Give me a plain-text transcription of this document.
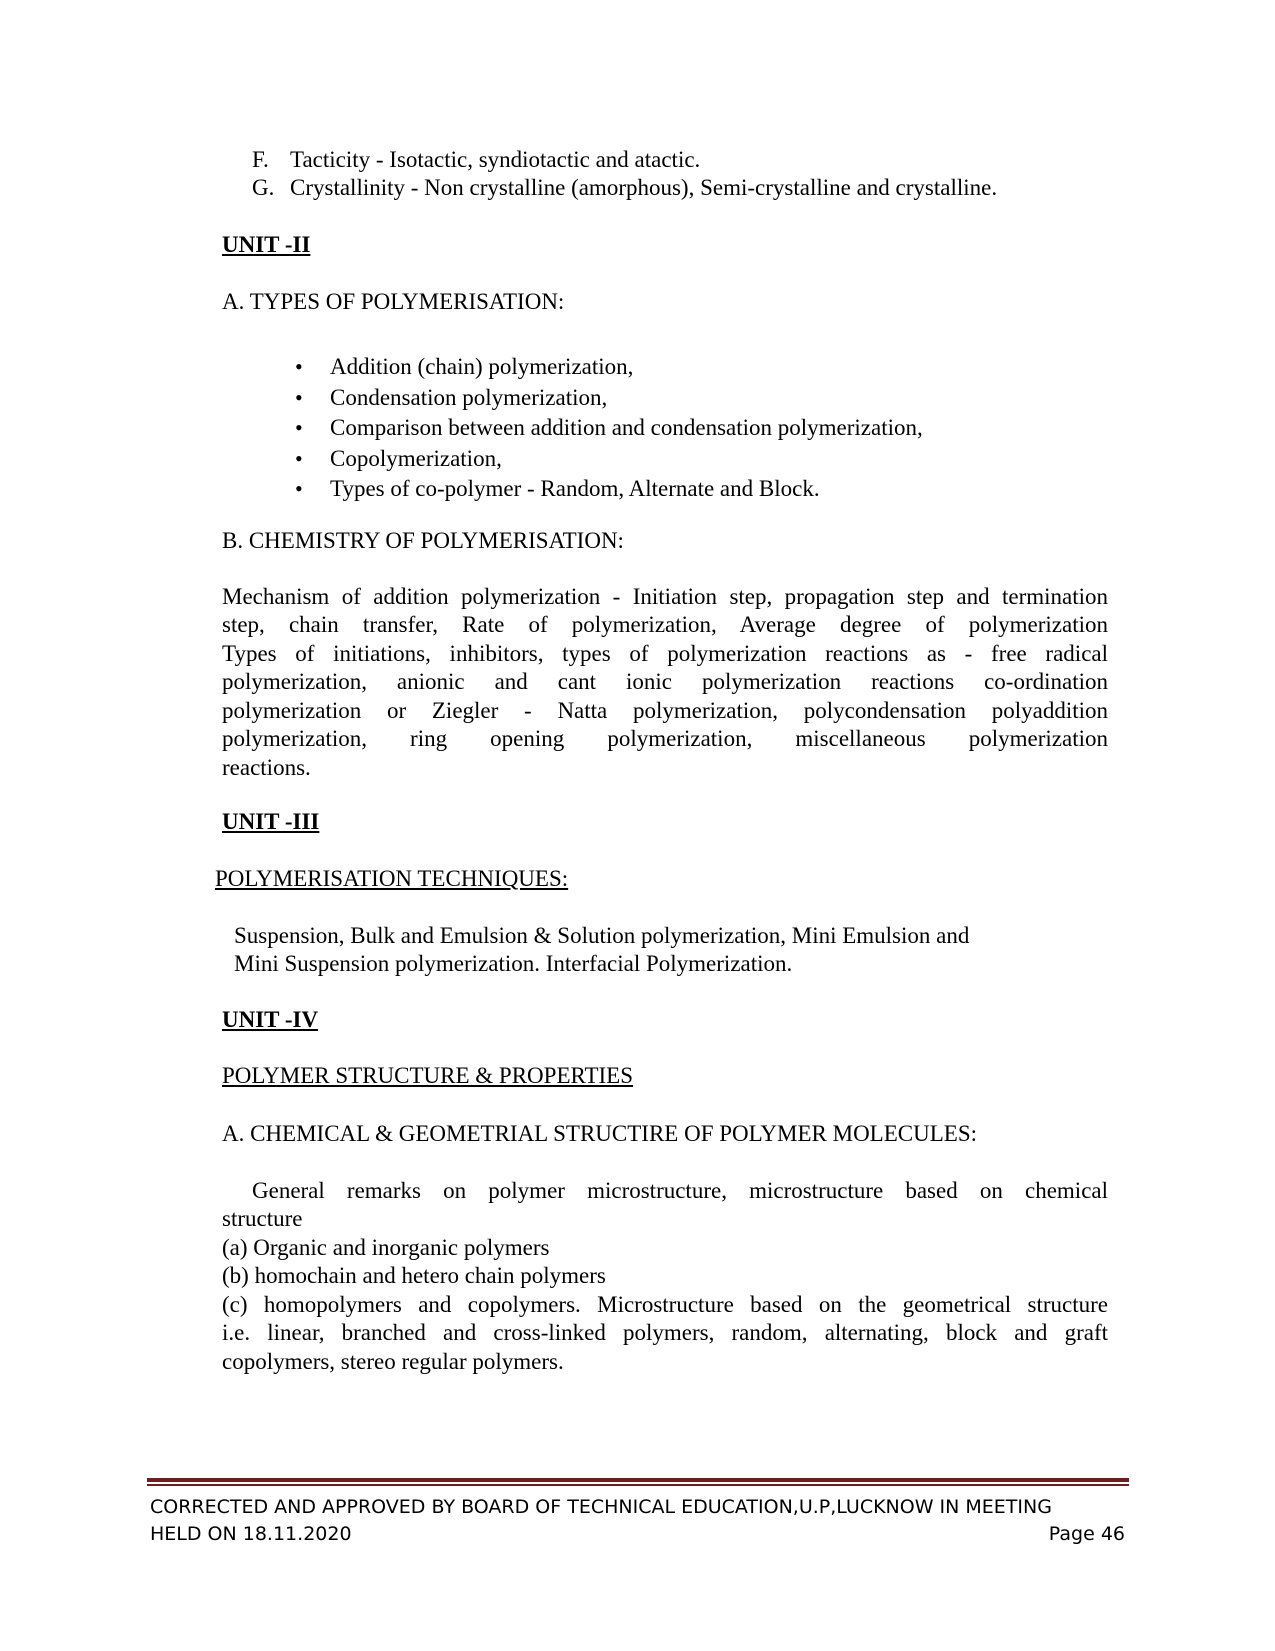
F. Tacticity - Isotactic, syndiotactic and atactic.
G. Crystallinity - Non crystalline (amorphous), Semi-crystalline and crystalline.
UNIT -II
A. TYPES OF POLYMERISATION:
• Addition (chain) polymerization,
• Condensation polymerization,
• Comparison between addition and condensation polymerization,
• Copolymerization,
• Types of co-polymer - Random, Alternate and Block.
B. CHEMISTRY OF POLYMERISATION:
Mechanism of addition polymerization - Initiation step, propagation step and termination
step, chain transfer, Rate of polymerization, Average degree of polymerization
Types of initiations, inhibitors, types of polymerization reactions as - free radical
polymerization, anionic and cant ionic polymerization reactions co-ordination
polymerization or Ziegler - Natta polymerization, polycondensation polyaddition
polymerization, ring opening polymerization, miscellaneous polymerization
reactions.
UNIT -III
POLYMERISATION TECHNIQUES:
Suspension, Bulk and Emulsion & Solution polymerization, Mini Emulsion and
Mini Suspension polymerization. Interfacial Polymerization.
UNIT -IV
POLYMER STRUCTURE & PROPERTIES
A. CHEMICAL & GEOMETRIAL STRUCTIRE OF POLYMER MOLECULES:
General remarks on polymer microstructure, microstructure based on chemical
structure
(a) Organic and inorganic polymers
(b) homochain and hetero chain polymers
(c) homopolymers and copolymers. Microstructure based on the geometrical structure
i.e. linear, branched and cross-linked polymers, random, alternating, block and graft
copolymers, stereo regular polymers.
CORRECTED AND APPROVED BY BOARD OF TECHNICAL EDUCATION,U.P,LUCKNOW IN MEETING
HELD ON 18.11.2020	Page 46
